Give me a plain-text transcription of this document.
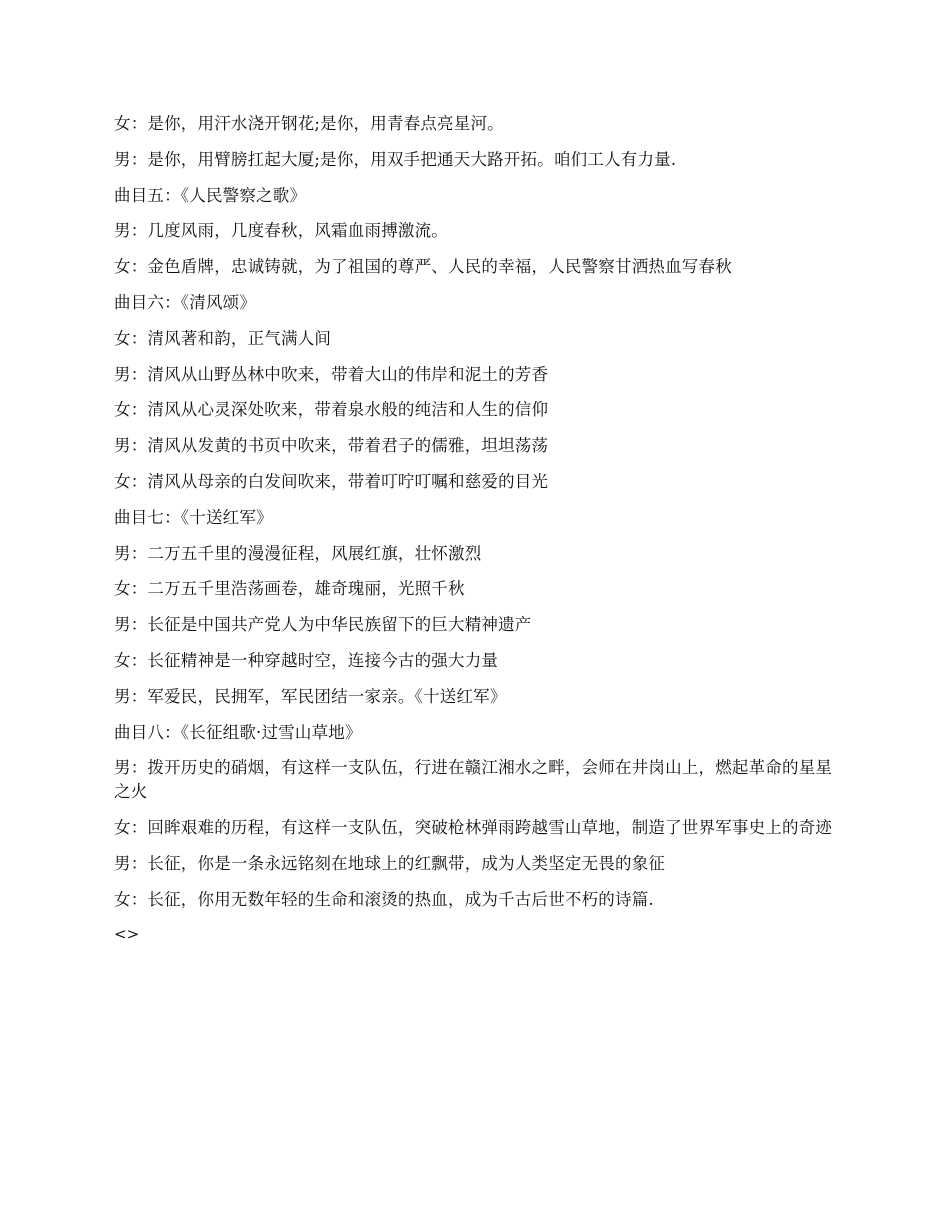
女：是你，用汗水浇开钢花;是你，用青春点亮星河。

男：是你，用臂膀扛起大厦;是你，用双手把通天大路开拓。咱们工人有力量.

曲目五：《人民警察之歌》

男：几度风雨，几度春秋，风霜血雨搏激流。

女：金色盾牌，忠诚铸就，为了祖国的尊严、人民的幸福，人民警察甘洒热血写春秋

曲目六：《清风颂》

女：清风著和韵，正气满人间

男：清风从山野丛林中吹来，带着大山的伟岸和泥土的芳香

女：清风从心灵深处吹来，带着泉水般的纯洁和人生的信仰

男：清风从发黄的书页中吹来，带着君子的儒雅，坦坦荡荡

女：清风从母亲的白发间吹来，带着叮咛叮嘱和慈爱的目光

曲目七：《十送红军》

男：二万五千里的漫漫征程，风展红旗，壮怀激烈

女：二万五千里浩荡画卷，雄奇瑰丽，光照千秋

男：长征是中国共产党人为中华民族留下的巨大精神遗产

女：长征精神是一种穿越时空，连接今古的强大力量

男：军爱民，民拥军，军民团结一家亲。《十送红军》

曲目八：《长征组歌·过雪山草地》

男：拨开历史的硝烟，有这样一支队伍，行进在赣江湘水之畔，会师在井岗山上，燃起革命的星星之火

女：回眸艰难的历程，有这样一支队伍，突破枪林弹雨跨越雪山草地，制造了世界军事史上的奇迹

男：长征，你是一条永远铭刻在地球上的红飘带，成为人类坚定无畏的象征

女：长征，你用无数年轻的生命和滚烫的热血，成为千古后世不朽的诗篇.

<>
